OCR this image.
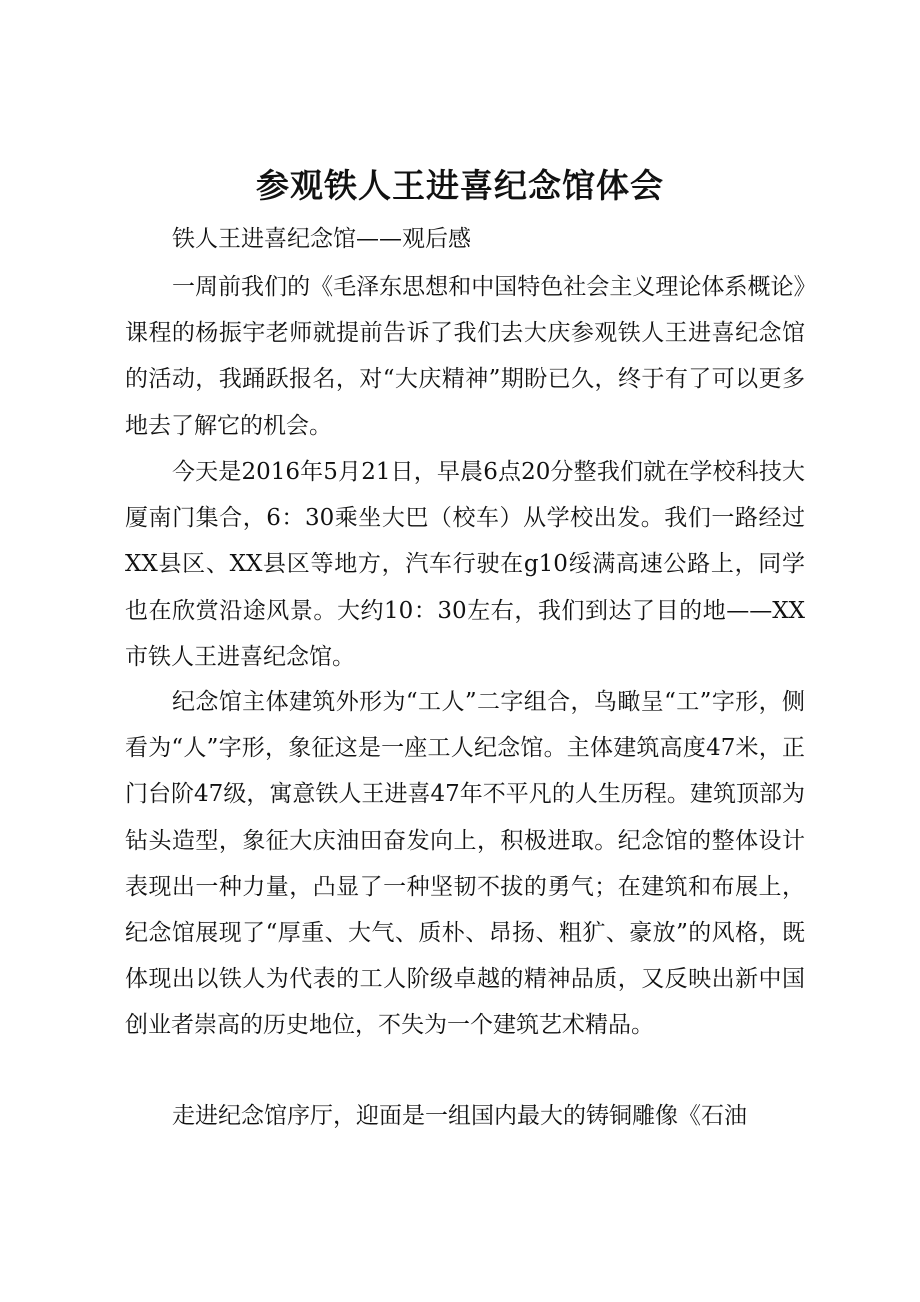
参观铁人王进喜纪念馆体会

铁人王进喜纪念馆——观后感

一周前我们的《毛泽东思想和中国特色社会主义理论体系概论》课程的杨振宇老师就提前告诉了我们去大庆参观铁人王进喜纪念馆的活动，我踊跃报名，对“大庆精神”期盼已久，终于有了可以更多地去了解它的机会。

今天是2016年5月21日，早晨6点20分整我们就在学校科技大厦南门集合，6：30乘坐大巴（校车）从学校出发。我们一路经过XX县区、XX县区等地方，汽车行驶在g10绥满高速公路上，同学也在欣赏沿途风景。大约10：30左右，我们到达了目的地——XX市铁人王进喜纪念馆。

纪念馆主体建筑外形为“工人”二字组合，鸟瞰呈“工”字形，侧看为“人”字形，象征这是一座工人纪念馆。主体建筑高度47米，正门台阶47级，寓意铁人王进喜47年不平凡的人生历程。建筑顶部为钻头造型，象征大庆油田奋发向上，积极进取。纪念馆的整体设计表现出一种力量，凸显了一种坚韧不拔的勇气；在建筑和布展上，纪念馆展现了“厚重、大气、质朴、昂扬、粗犷、豪放”的风格，既体现出以铁人为代表的工人阶级卓越的精神品质，又反映出新中国创业者崇高的历史地位，不失为一个建筑艺术精品。

走进纪念馆序厅，迎面是一组国内最大的铸铜雕像《石油
